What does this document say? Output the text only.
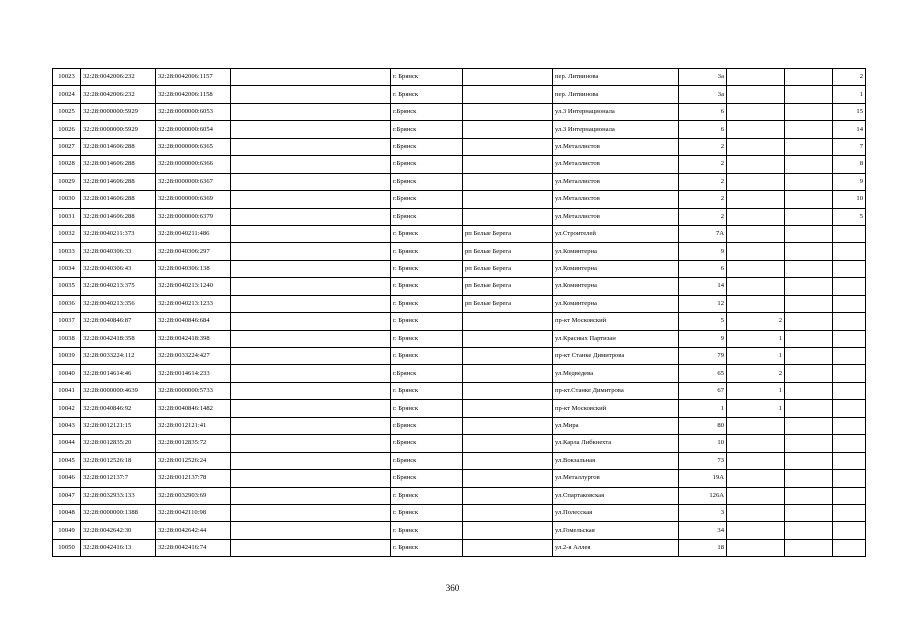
10023	32:28:0042006:232	32:28:0042006:1157		г. Брянск		пер. Литвинова	3а			2
10024	32:28:0042006:232	32:28:0042006:1158		г. Брянск		пер. Литвинова	3а			1
10025	32:28:0000000:5929	32:28:0000000:6053		г.Брянск		ул.3 Интернационала	6			15
10026	32:28:0000000:5929	32:28:0000000:6054		г.Брянск		ул.3 Интернационала	6			14
10027	32:28:0014606:288	32:28:0000000:6365		г.Брянск		ул.Металлистов	2			7
10028	32:28:0014606:288	32:28:0000000:6366		г.Брянск		ул.Металлистов	2			8
10029	32:28:0014606:288	32:28:0000000:6367		г.Брянск		ул.Металлистов	2			9
10030	32:28:0014606:288	32:28:0000000:6369		г.Брянск		ул.Металлистов	2			10
10031	32:28:0014606:288	32:28:0000000:6379		г.Брянск		ул.Металлистов	2			5
10032	32:28:0040211:373	32:28:0040211:486		г. Брянск	рп Белые Берега	ул.Строителей	7А			
10033	32:28:0040306:33	32:28:0040306:297		г. Брянск	рп Белые Берега	ул.Коминтерна	9			
10034	32:28:0040306:43	32:28:0040306:138		г. Брянск	рп Белые Берега	ул.Коминтерна	6			
10035	32:28:0040213:375	32:28:0040213:1240		г. Брянск	рп Белые Берега	ул.Коминтерна	14			
10036	32:28:0040213:356	32:28:0040213:1233		г. Брянск	рп Белые Берега	ул.Коминтерна	12			
10037	32:28:0040846:87	32:28:0040846:684		г. Брянск		пр-кт Московский	5	2		
10038	32:28:0042418:358	32:28:0042418:398		г. Брянск		ул.Красных Партизан	9	1		
10039	32:28:0033224:112	32:28:0033224:427		г. Брянск		пр-кт Станке Димитрова	79	1		
10040	32:28:0014614:46	32:28:0014614:233		г.Брянск		ул.Медведева	65	2		
10041	32:28:0000000:4639	32:28:0000000:5733		г. Брянск		пр-кт.Станке Димитрова	67	1		
10042	32:28:0040846:92	32:28:0040846:1482		г. Брянск		пр-кт Московский	1	1		
10043	32:28:0012121:15	32:28:0012121:41		г.Брянск		ул.Мира	80			
10044	32:28:0012835:20	32:28:0012835:72		г.Брянск		ул.Карла Либкнехта	10			
10045	32:28:0012526:18	32:28:0012526:24		г.Брянск		ул.Вокзальная	73			
10046	32:28:0012137:7	32:28:0012137:78		г.Брянск		ул.Металлургов	19А			
10047	32:28:0032933:133	32:28:0032903:69		г. Брянск		ул.Спартаковская	126А			
10048	32:28:0000000:1388	32:28:0042110:98		г. Брянск		ул.Полесская	3			
10049	32:28:0042642:30	32:28:0042642:44		г. Брянск		ул.Гомельская	34			
10050	32:28:0042416:13	32:28:0042416:74		г. Брянск		ул.2-я Аллея	18			
360
